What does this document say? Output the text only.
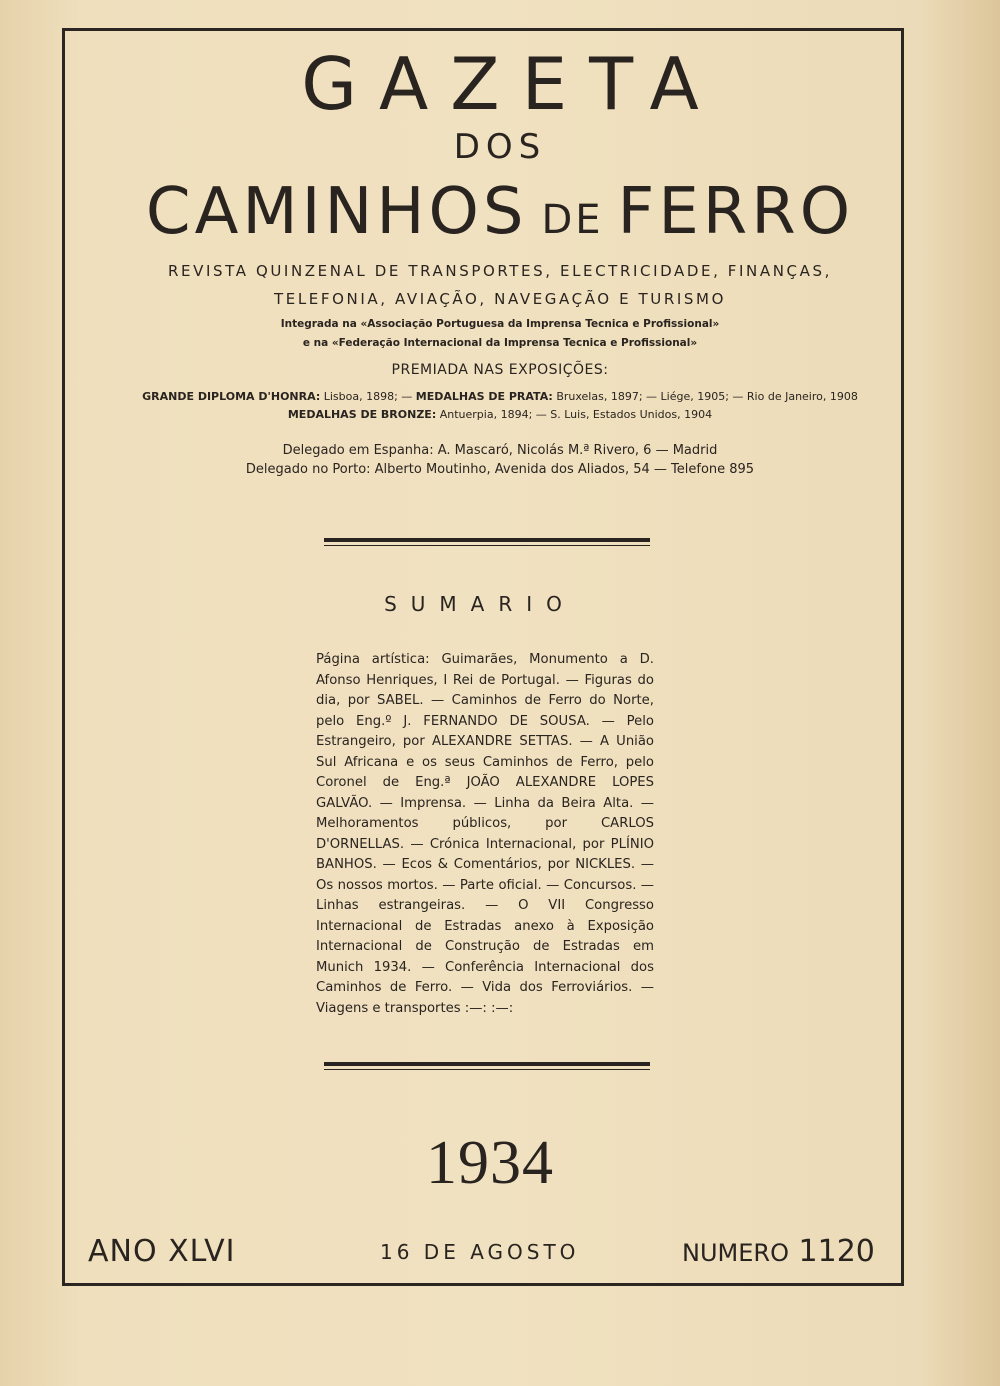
GAZETA
DOS
CAMINHOS DE FERRO
REVISTA QUINZENAL DE TRANSPORTES, ELECTRICIDADE, FINANÇAS,
TELEFONIA, AVIAÇÃO, NAVEGAÇÃO E TURISMO
Integrada na «Associação Portuguesa da Imprensa Tecnica e Profissional»
e na «Federação Internacional da Imprensa Tecnica e Profissional»
PREMIADA NAS EXPOSIÇÕES:
GRANDE DIPLOMA D'HONRA: Lisboa, 1898; — MEDALHAS DE PRATA: Bruxelas, 1897; — Liége, 1905; — Rio de Janeiro, 1908
MEDALHAS DE BRONZE: Antuerpia, 1894; — S. Luis, Estados Unidos, 1904
Delegado em Espanha: A. Mascaró, Nicolás M.ª Rivero, 6 — Madrid
Delegado no Porto: Alberto Moutinho, Avenida dos Aliados, 54 — Telefone 895
SUMARIO
Página artística: Guimarães, Monumento a D. Afonso Henriques, I Rei de Portugal. — Figuras do dia, por SABEL. — Caminhos de Ferro do Norte, pelo Eng.º J. FERNANDO DE SOUSA. — Pelo Estrangeiro, por ALEXANDRE SETTAS. — A União Sul Africana e os seus Caminhos de Ferro, pelo Coronel de Eng.ª JOÃO ALEXANDRE LOPES GALVÃO. — Imprensa. — Linha da Beira Alta. — Melhoramentos públicos, por CARLOS D'ORNELLAS. — Crónica Internacional, por PLÍNIO BANHOS. — Ecos & Comentários, por NICKLES. — Os nossos mortos. — Parte oficial. — Concursos. — Linhas estrangeiras. — O VII Congresso Internacional de Estradas anexo à Exposição Internacional de Construção de Estradas em Munich 1934. — Conferência Internacional dos Caminhos de Ferro. — Vida dos Ferroviários. — Viagens e transportes :—: :—:
1934
ANO XLVI	16 DE AGOSTO	NUMERO 1120
